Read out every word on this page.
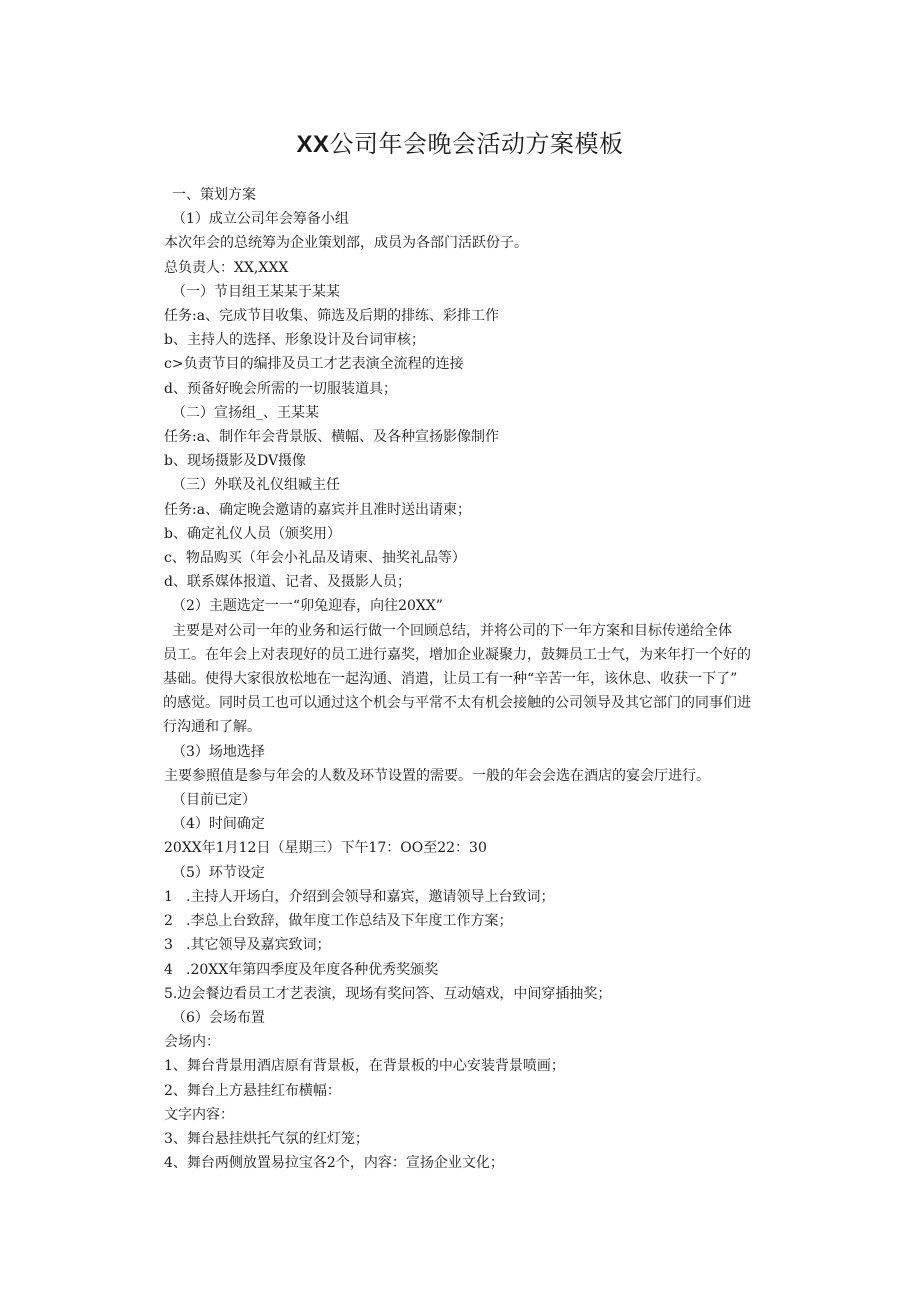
XX公司年会晚会活动方案模板

一、策划方案

（1）成立公司年会筹备小组

本次年会的总统筹为企业策划部，成员为各部门活跃份子。

总负责人：XX,XXX

（一）节目组王某某于某某

任务:a、完成节目收集、筛选及后期的排练、彩排工作

b、主持人的选择、形象设计及台词审核；

c>负责节目的编排及员工才艺表演全流程的连接

d、预备好晚会所需的一切服装道具；

（二）宣扬组_、王某某

任务:a、制作年会背景版、横幅、及各种宣扬影像制作

b、现场摄影及DV摄像

（三）外联及礼仪组臧主任

任务:a、确定晚会邀请的嘉宾并且准时送出请柬；

b、确定礼仪人员（颁奖用）

c、物品购买（年会小礼品及请柬、抽奖礼品等）

d、联系媒体报道、记者、及摄影人员；

（2）主题选定一一“卯兔迎春，向往20XX”

主要是对公司一年的业务和运行做一个回顾总结，并将公司的下一年方案和目标传递给全体

员工。在年会上对表现好的员工进行嘉奖，增加企业凝聚力，鼓舞员工士气，为来年打一个好的

基础。使得大家很放松地在一起沟通、消遣，让员工有一种“辛苦一年，该休息、收获一下了”

的感觉。同时员工也可以通过这个机会与平常不太有机会接触的公司领导及其它部门的同事们进

行沟通和了解。

（3）场地选择

主要参照值是参与年会的人数及环节设置的需要。一般的年会会选在酒店的宴会厅进行。

（目前已定）

（4）时间确定

20XX年1月12日（星期三）下午17：OO至22：30

（5）环节设定

1 .主持人开场白，介绍到会领导和嘉宾，邀请领导上台致词；

2 .李总上台致辞，做年度工作总结及下年度工作方案；

3 .其它领导及嘉宾致词；

4 .20XX年第四季度及年度各种优秀奖颁奖

5.边会餐边看员工才艺表演，现场有奖问答、互动嬉戏，中间穿插抽奖；

（6）会场布置

会场内：

1、舞台背景用酒店原有背景板，在背景板的中心安装背景喷画；

2、舞台上方悬挂红布横幅：

文字内容：

3、舞台悬挂烘托气氛的红灯笼；

4、舞台两侧放置易拉宝各2个，内容：宣扬企业文化；
